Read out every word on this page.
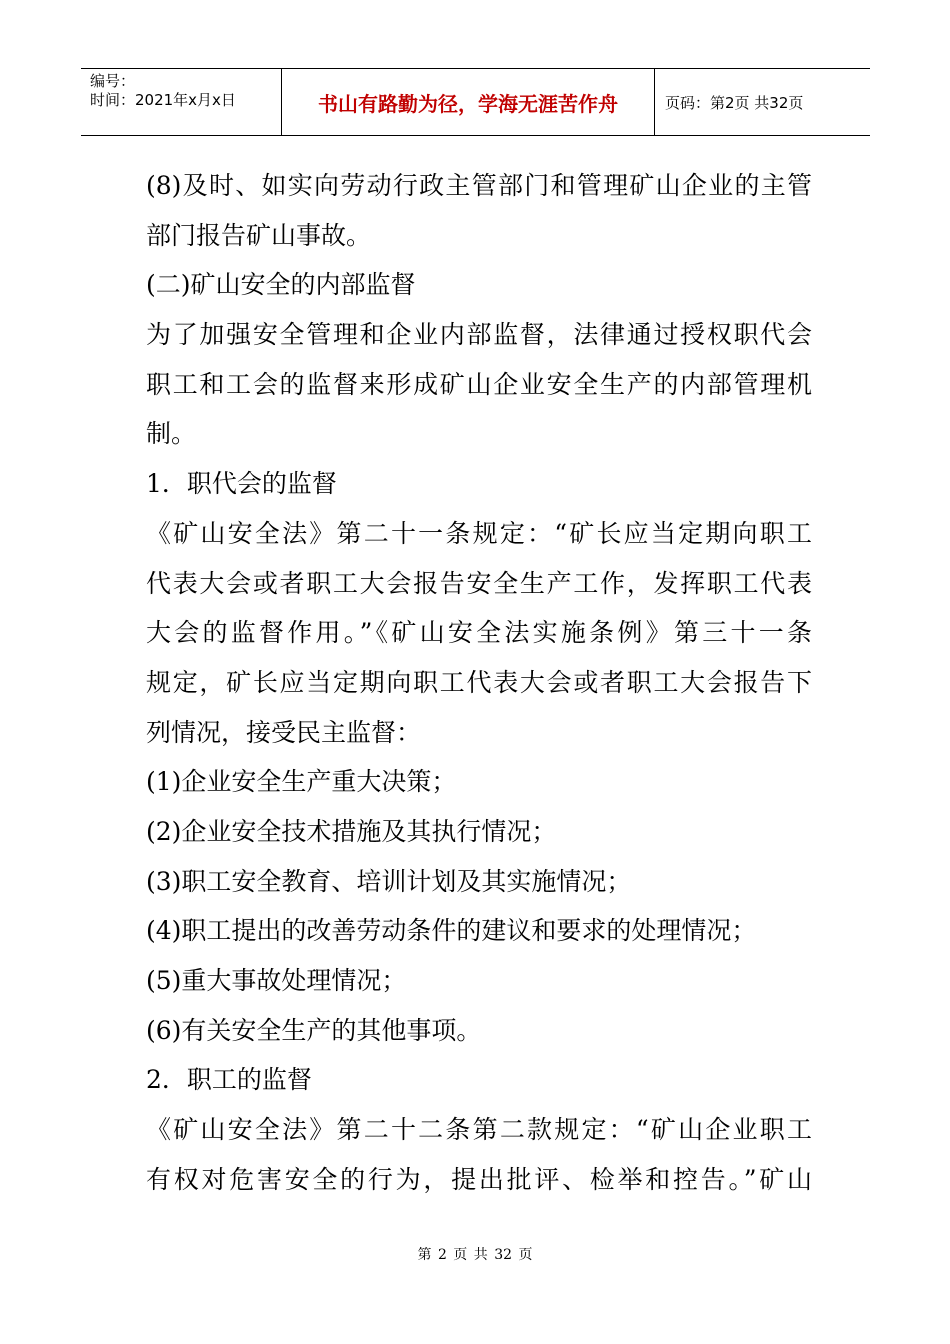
编号：
时间：2021年x月x日	书山有路勤为径，学海无涯苦作舟	页码：第2页 共32页
(8)及时、如实向劳动行政主管部门和管理矿山企业的主管
部门报告矿山事故。
(二)矿山安全的内部监督
为了加强安全管理和企业内部监督，法律通过授权职代会
职工和工会的监督来形成矿山企业安全生产的内部管理机
制。
1．职代会的监督
《矿山安全法》第二十一条规定：“矿长应当定期向职工
代表大会或者职工大会报告安全生产工作，发挥职工代表
大会的监督作用。”《矿山安全法实施条例》第三十一条
规定，矿长应当定期向职工代表大会或者职工大会报告下
列情况，接受民主监督：
(1)企业安全生产重大决策；
(2)企业安全技术措施及其执行情况；
(3)职工安全教育、培训计划及其实施情况；
(4)职工提出的改善劳动条件的建议和要求的处理情况；
(5)重大事故处理情况；
(6)有关安全生产的其他事项。
2．职工的监督
《矿山安全法》第二十二条第二款规定：“矿山企业职工
有权对危害安全的行为，提出批评、检举和控告。”矿山
第 2 页 共 32 页
